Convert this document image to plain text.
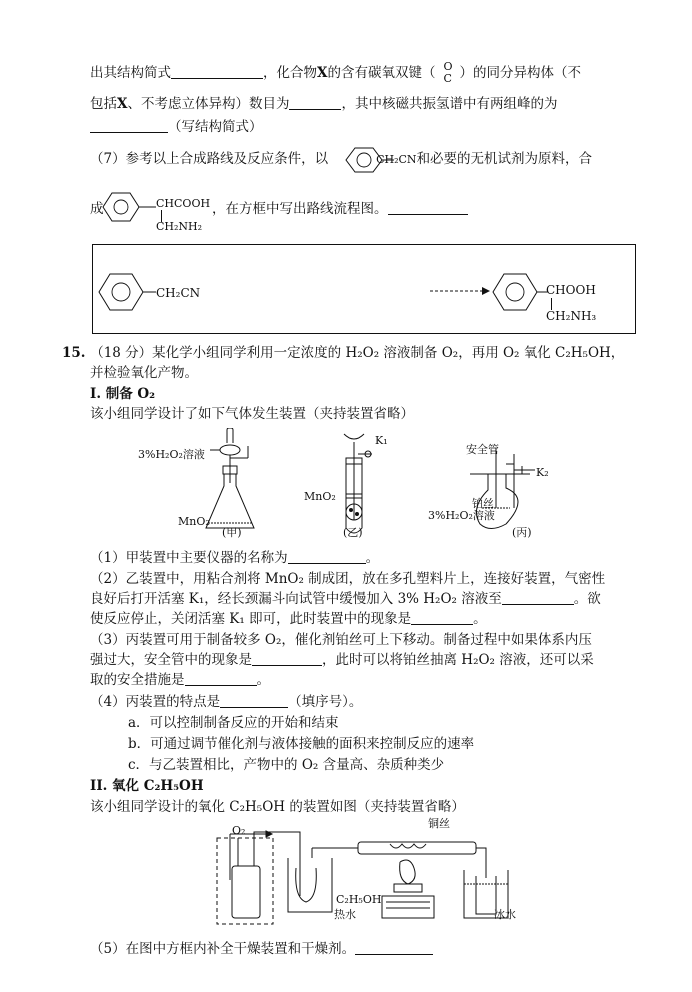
出其结构简式	，化合物X的含有碳氧双键（ O
C ）的同分异构体（不
包括X、不考虑立体异构）数目为	，其中核磁共振氢谱中有两组峰的为
（写结构简式）
（7）参考以上合成路线及反应条件，以	CH₂CN和必要的无机试剂为原料，合
成	CHCOOH
CH₂NH₂
，在方框中写出路线流程图。
CH₂CN	CHOOH
CH₂NH₃
15. （18 分）某化学小组同学利用一定浓度的 H₂O₂ 溶液制备 O₂，再用 O₂ 氧化 C₂H₅OH，
并检验氧化产物。
I. 制备 O₂
该小组同学设计了如下气体发生装置（夹持装置省略）
3%H₂O₂溶液
MnO₂
(甲)
K₁
MnO₂
(乙)
安全管
K₂
铂丝
3%H₂O₂溶液
(丙)
（1）甲装置中主要仪器的名称为	。
（2）乙装置中，用粘合剂将 MnO₂ 制成团，放在多孔塑料片上，连接好装置，气密性
良好后打开活塞 K₁，经长颈漏斗向试管中缓慢加入 3% H₂O₂ 溶液至	。欲
使反应停止，关闭活塞 K₁ 即可，此时装置中的现象是	。
（3）丙装置可用于制备较多 O₂，催化剂铂丝可上下移动。制备过程中如果体系内压
强过大，安全管中的现象是	，此时可以将铂丝抽离 H₂O₂ 溶液，还可以采
取的安全措施是	。
（4）丙装置的特点是	（填序号）。
a．可以控制制备反应的开始和结束
b．可通过调节催化剂与液体接触的面积来控制反应的速率
c．与乙装置相比，产物中的 O₂ 含量高、杂质种类少
II. 氧化 C₂H₅OH
该小组同学设计的氧化 C₂H₅OH 的装置如图（夹持装置省略）
O₂
铜丝
C₂H₅OH
热水	冰水
（5）在图中方框内补全干燥装置和干燥剂。
